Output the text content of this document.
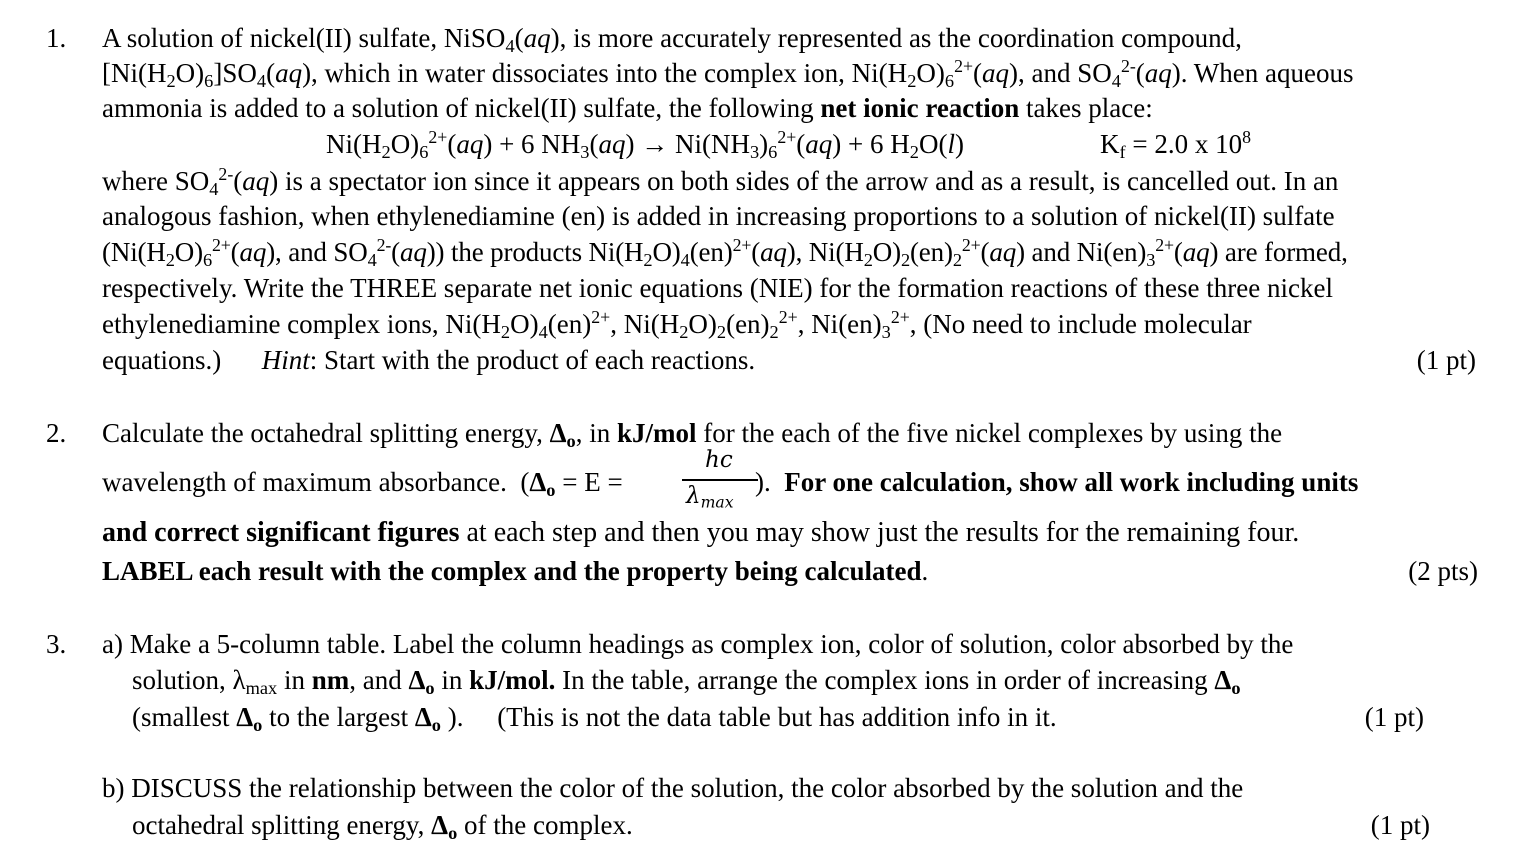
1. A solution of nickel(II) sulfate, NiSO$_4$(aq), is more accurately represented as the coordination compound,
$[Ni(H_2O)_6]SO_4(aq)$, which in water dissociates into the complex ion, $Ni(H_2O)_6^{2+}(aq)$, and $SO_4^{2-}(aq)$. When aqueous
ammonia is added to a solution of nickel(II) sulfate, the following net ionic reaction takes place:
$Ni(H_2O)_6^{2+}(aq) + 6$ $NH_3(aq) \to Ni(NH_3)_6^{2+}(aq) + 6$ $H_2O(l)$	$K_f = 2.0$ x $10^8$
where $SO_4^{2-}(aq)$ is a spectator ion since it appears on both sides of the arrow and as a result, is cancelled out. In an
analogous fashion, when ethylenediamine (en) is added in increasing proportions to a solution of nickel(II) sulfate
($Ni(H_2O)_6^{2+}(aq)$, and $SO_4^{2-}(aq)$) the products $Ni(H_2O)_4(en)^{2+}(aq)$, $Ni(H_2O)_2(en)_2^{2+}(aq)$ and $Ni(en)_3^{2+}(aq)$ are formed,
respectively. Write the THREE separate net ionic equations (NIE) for the formation reactions of these three nickel
ethylenediamine complex ions, $Ni(H_2O)_4(en)^{2+}$, $Ni(H_2O)_2(en)_2^{2+}$, $Ni(en)_3^{2+}$, (No need to include molecular
equations.)      Hint: Start with the product of each reactions.	(1 pt)
2. Calculate the octahedral splitting energy, $\Delta_o$, in kJ/mol for the each of the five nickel complexes by using the
wavelength of maximum absorbance.  ($\Delta_o = E$ =
hc
$\lambda_{max}$
).  For one calculation, show all work including units
and correct significant figures at each step and then you may show just the results for the remaining four.
LABEL each result with the complex and the property being calculated.	(2 pts)
3. a) Make a 5-column table. Label the column headings as complex ion, color of solution, color absorbed by the
solution, $\lambda_{max}$ in nm, and $\Delta_o$ in kJ/mol. In the table, arrange the complex ions in order of increasing $\Delta_o$
(smallest $\Delta_o$ to the largest $\Delta_o$ ).     (This is not the data table but has addition info in it.	(1 pt)
b) DISCUSS the relationship between the color of the solution, the color absorbed by the solution and the
octahedral splitting energy, $\Delta_o$ of the complex.	(1 pt)
